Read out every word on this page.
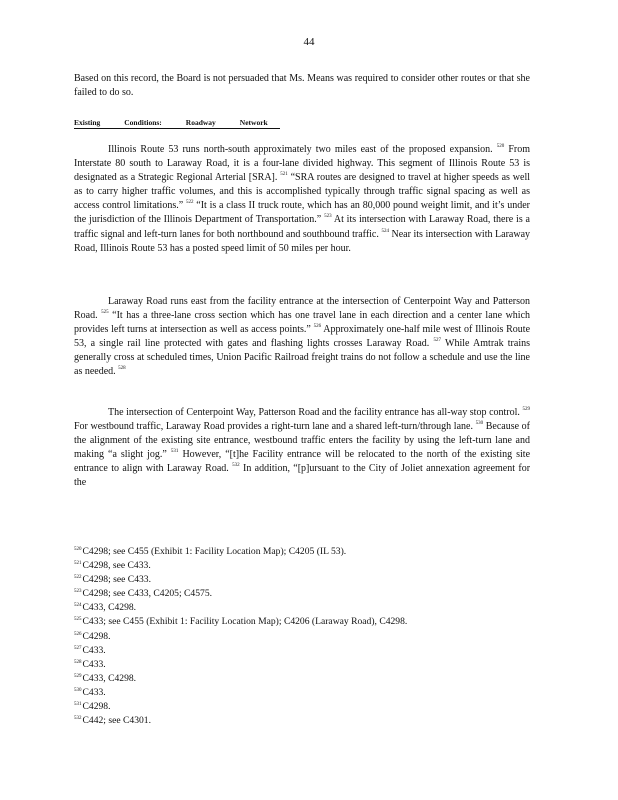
44
Based on this record, the Board is not persuaded that Ms. Means was required to consider other routes or that she failed to do so.
Existing	Conditions:	Roadway	Network
Illinois Route 53 runs north-south approximately two miles east of the proposed expansion. $^{520}$ From Interstate 80 south to Laraway Road, it is a four-lane divided highway. This segment of Illinois Route 53 is designated as a Strategic Regional Arterial [SRA]. $^{521}$ “SRA routes are designed to travel at higher speeds as well as to carry higher traffic volumes, and this is accomplished typically through traffic signal spacing as well as access control limitations.” $^{522}$ “It is a class II truck route, which has an 80,000 pound weight limit, and it’s under the jurisdiction of the Illinois Department of Transportation.” $^{523}$ At its intersection with Laraway Road, there is a traffic signal and left-turn lanes for both northbound and southbound traffic. $^{524}$ Near its intersection with Laraway Road, Illinois Route 53 has a posted speed limit of 50 miles per hour.
Laraway Road runs east from the facility entrance at the intersection of Centerpoint Way and Patterson Road. $^{525}$ “It has a three-lane cross section which has one travel lane in each direction and a center lane which provides left turns at intersection as well as access points.” $^{526}$ Approximately one-half mile west of Illinois Route 53, a single rail line protected with gates and flashing lights crosses Laraway Road. $^{527}$ While Amtrak trains generally cross at scheduled times, Union Pacific Railroad freight trains do not follow a schedule and use the line as needed. $^{528}$
The intersection of Centerpoint Way, Patterson Road and the facility entrance has all-way stop control. $^{529}$ For westbound traffic, Laraway Road provides a right-turn lane and a shared left-turn/through lane. $^{530}$ Because of the alignment of the existing site entrance, westbound traffic enters the facility by using the left-turn lane and making “a slight jog.” $^{531}$ However, “[t]he Facility entrance will be relocated to the north of the existing site entrance to align with Laraway Road. $^{532}$ In addition, “[p]ursuant to the City of Joliet annexation agreement for the
$^{520}$C4298; see C455 (Exhibit 1: Facility Location Map); C4205 (IL 53).
$^{521}$C4298, see C433.
$^{522}$C4298; see C433.
$^{523}$C4298; see C433, C4205; C4575.
$^{524}$C433, C4298.
$^{525}$C433; see C455 (Exhibit 1: Facility Location Map); C4206 (Laraway Road), C4298.
$^{526}$C4298.
$^{527}$C433.
$^{528}$C433.
$^{529}$C433, C4298.
$^{530}$C433.
$^{531}$C4298.
$^{532}$C442; see C4301.
